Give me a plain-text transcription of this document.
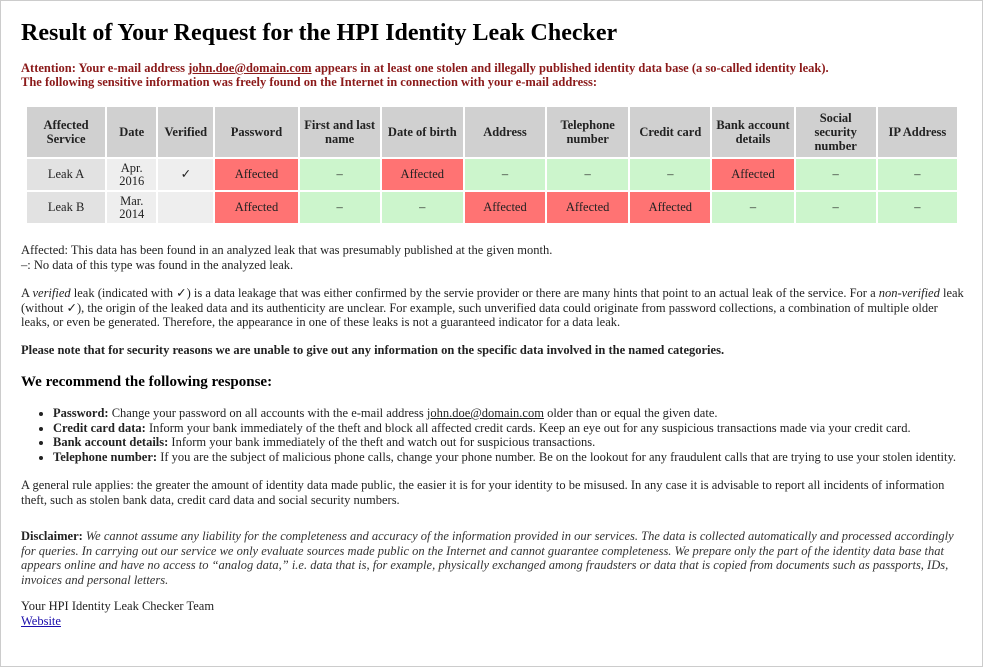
Result of Your Request for the HPI Identity Leak Checker
Attention: Your e-mail address john.doe@domain.com appears in at least one stolen and illegally published identity data base (a so-called identity leak).
The following sensitive information was freely found on the Internet in connection with your e-mail address:
Affected Service	Date	Verified	Password	First and last name	Date of birth	Address	Telephone number	Credit card	Bank account details	Social security number	IP Address
Leak A	Apr. 2016	✓	Affected	–	Affected	–	–	–	Affected	–	–
Leak B	Mar. 2014		Affected	–	–	Affected	Affected	Affected	–	–	–

Affected: This data has been found in an analyzed leak that was presumably published at the given month.

–: No data of this type was found in the analyzed leak.

A verified leak (indicated with ✓) is a data leakage that was either confirmed by the servie provider or there are many hints that point to an actual leak of the service. For a non-verified leak (without ✓), the origin of the leaked data and its authenticity are unclear. For example, such unverified data could originate from password collections, a combination of multiple older leaks, or even be generated. Therefore, the appearance in one of these leaks is not a guaranteed indicator for a data leak.

Please note that for security reasons we are unable to give out any information on the specific data involved in the named categories.

We recommend the following response:
• Password: Change your password on all accounts with the e-mail address john.doe@domain.com older than or equal the given date.
• Credit card data: Inform your bank immediately of the theft and block all affected credit cards. Keep an eye out for any suspicious transactions made via your credit card.
• Bank account details: Inform your bank immediately of the theft and watch out for suspicious transactions.
• Telephone number: If you are the subject of malicious phone calls, change your phone number. Be on the lookout for any fraudulent calls that are trying to use your stolen identity.

A general rule applies: the greater the amount of identity data made public, the easier it is for your identity to be misused. In any case it is advisable to report all incidents of information theft, such as stolen bank data, credit card data and social security numbers.

Disclaimer: We cannot assume any liability for the completeness and accuracy of the information provided in our services. The data is collected automatically and processed accordingly for queries. In carrying out our service we only evaluate sources made public on the Internet and cannot guarantee completeness. We prepare only the part of the identity data base that appears online and have no access to “analog data,” i.e. data that is, for example, physically exchanged among fraudsters or data that is copied from documents such as passports, IDs, invoices and personal letters.

Your HPI Identity Leak Checker Team

Website
